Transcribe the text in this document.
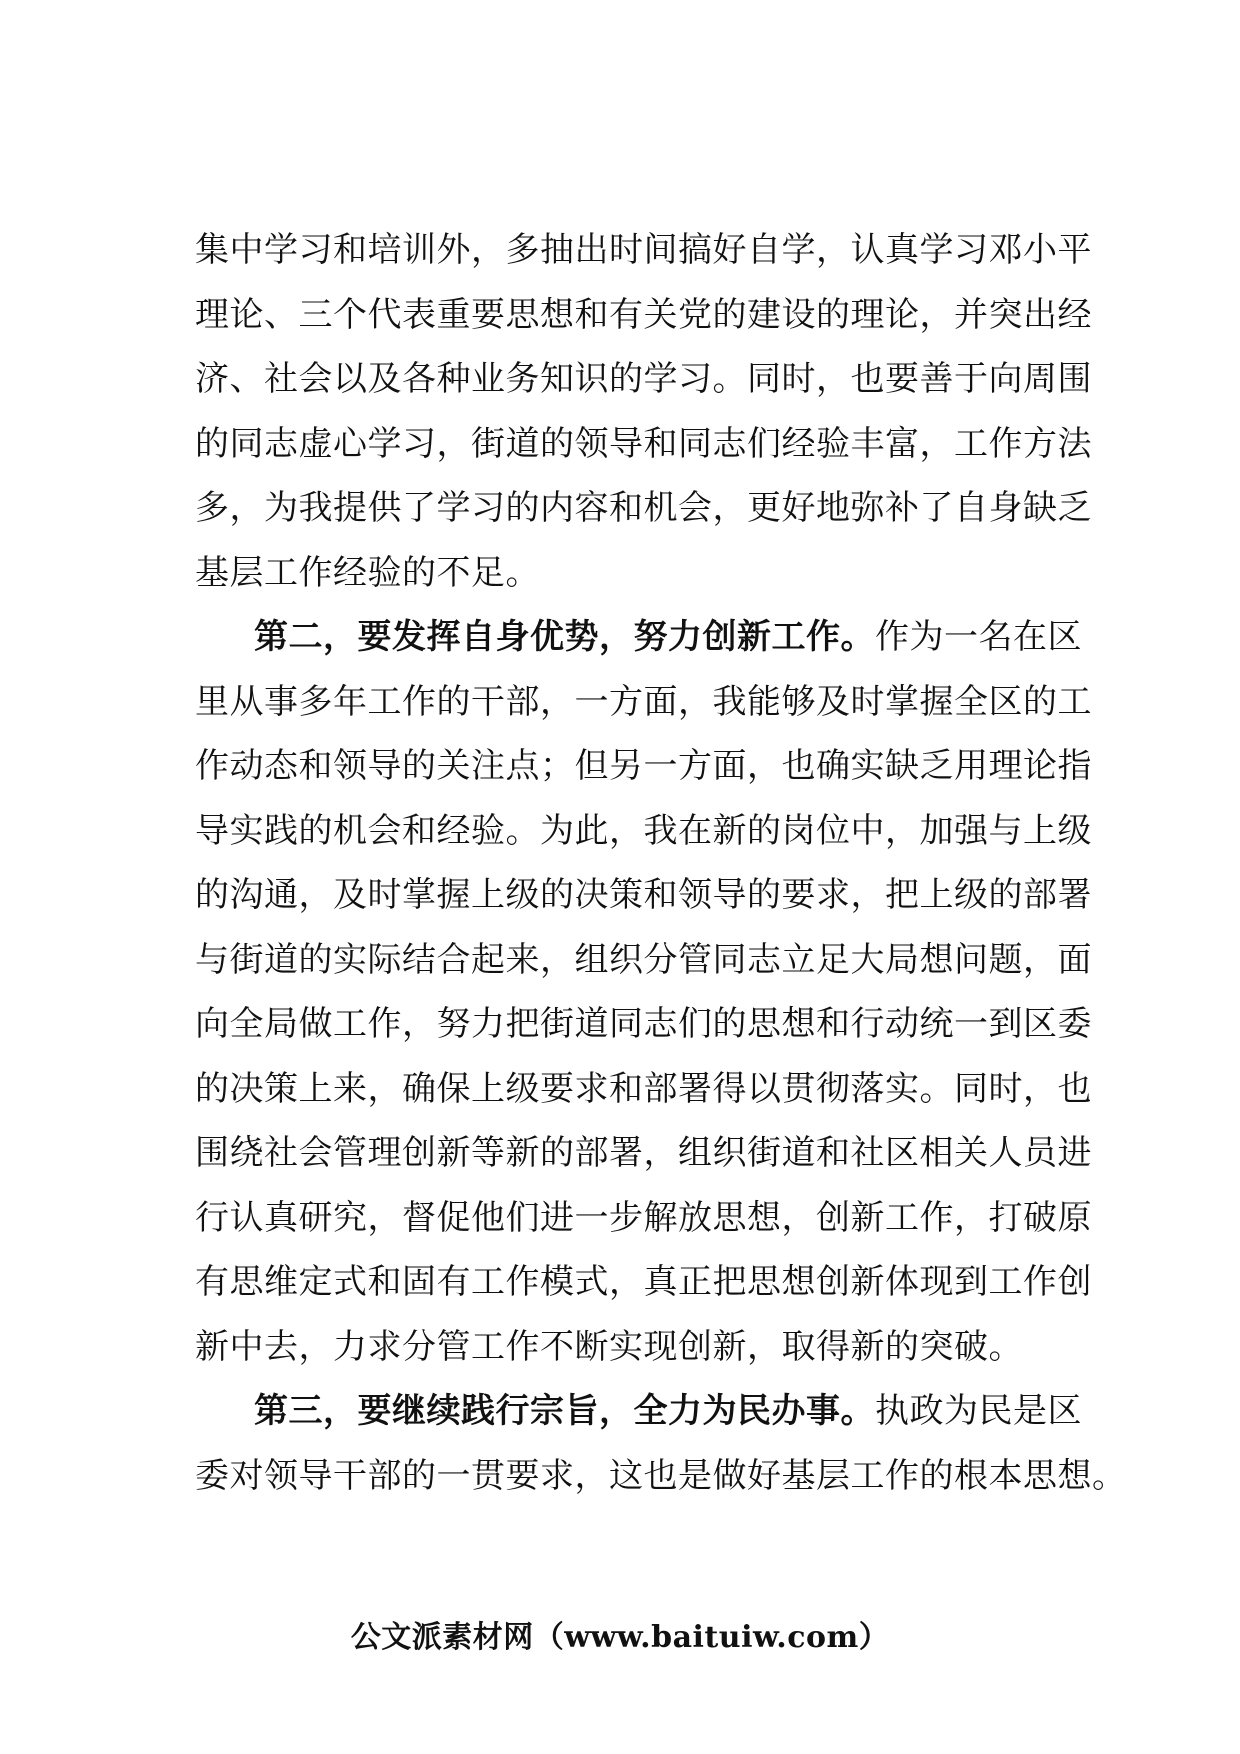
集中学习和培训外，多抽出时间搞好自学，认真学习邓小平
理论、三个代表重要思想和有关党的建设的理论，并突出经
济、社会以及各种业务知识的学习。同时，也要善于向周围
的同志虚心学习，街道的领导和同志们经验丰富，工作方法
多，为我提供了学习的内容和机会，更好地弥补了自身缺乏
基层工作经验的不足。
第二，要发挥自身优势，努力创新工作。作为一名在区
里从事多年工作的干部，一方面，我能够及时掌握全区的工
作动态和领导的关注点；但另一方面，也确实缺乏用理论指
导实践的机会和经验。为此，我在新的岗位中，加强与上级
的沟通，及时掌握上级的决策和领导的要求，把上级的部署
与街道的实际结合起来，组织分管同志立足大局想问题，面
向全局做工作，努力把街道同志们的思想和行动统一到区委
的决策上来，确保上级要求和部署得以贯彻落实。同时，也
围绕社会管理创新等新的部署，组织街道和社区相关人员进
行认真研究，督促他们进一步解放思想，创新工作，打破原
有思维定式和固有工作模式，真正把思想创新体现到工作创
新中去，力求分管工作不断实现创新，取得新的突破。
第三，要继续践行宗旨，全力为民办事。执政为民是区
委对领导干部的一贯要求，这也是做好基层工作的根本思想。
公文派素材网（www.baituiw.com）
